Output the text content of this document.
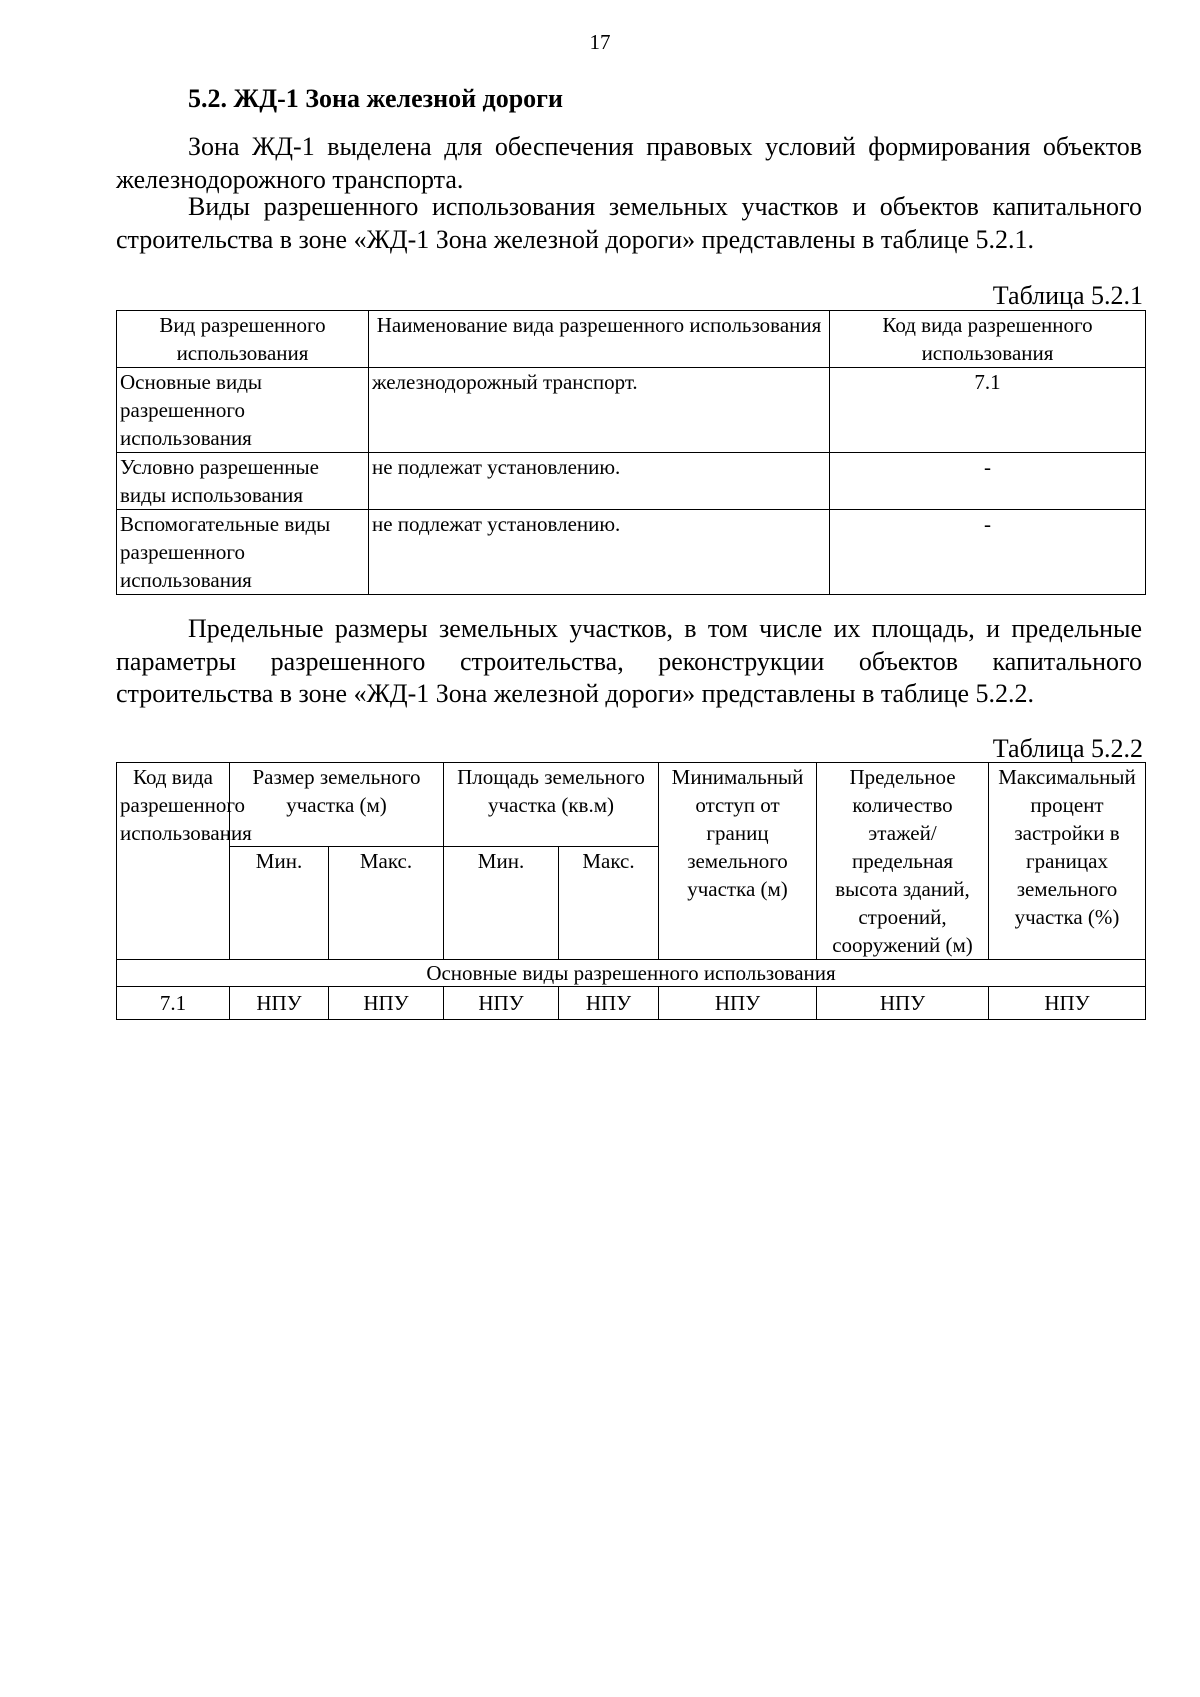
17
5.2. ЖД-1 Зона железной дороги

Зона ЖД-1 выделена для обеспечения правовых условий формирования объектов железнодорожного транспорта.

Виды разрешенного использования земельных участков и объектов капитального строительства в зоне «ЖД-1 Зона железной дороги» представлены в таблице 5.2.1.

Таблица 5.2.1
Вид разрешенного использования	Наименование вида разрешенного использования	Код вида разрешенного использования
Основные виды разрешенного использования	железнодорожный транспорт.	7.1
Условно разрешенные виды использования	не подлежат установлению.	-
Вспомогательные виды разрешенного использования	не подлежат установлению.	-

Предельные размеры земельных участков, в том числе их площадь, и предельные параметры разрешенного строительства, реконструкции объектов капитального строительства в зоне «ЖД-1 Зона железной дороги» представлены в таблице 5.2.2.

Таблица 5.2.2
Код вида разрешенного использования	Размер земельного участка (м)		Площадь земельного участка (кв.м)		Минимальный отступ от границ земельного участка (м)	Предельное количество этажей/ предельная высота зданий, строений, сооружений (м)	Максимальный процент застройки в границах земельного участка (%)
	Мин.	Макс.	Мин.	Макс.			
Основные виды разрешенного использования							
7.1	НПУ	НПУ	НПУ	НПУ	НПУ	НПУ	НПУ
